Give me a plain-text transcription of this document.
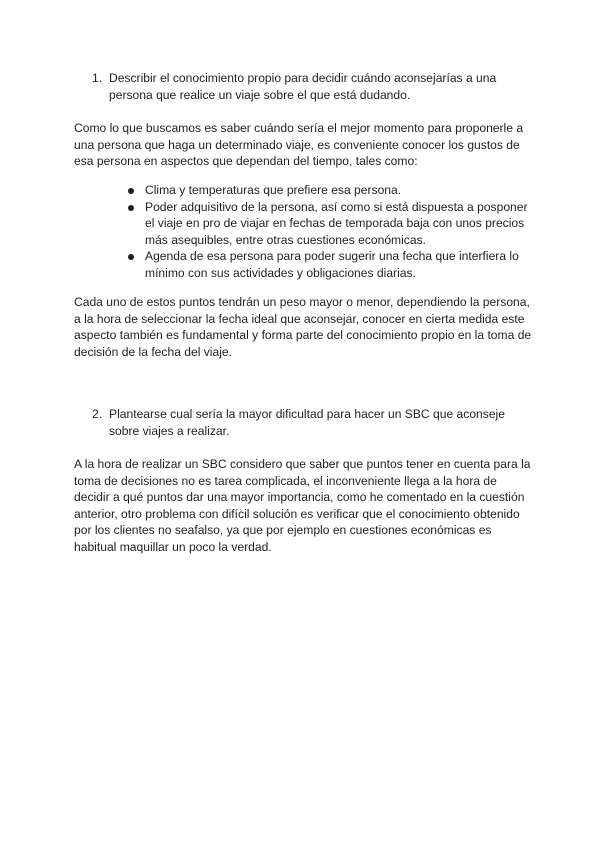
1. Describir el conocimiento propio para decidir cuándo aconsejarías a una persona que realice un viaje sobre el que está dudando.
Como lo que buscamos es saber cuándo sería el mejor momento para proponerle a una persona que haga un determinado viaje, es conveniente conocer los gustos de esa persona en aspectos que dependan del tiempo, tales como:
Clima y temperaturas que prefiere esa persona.
Poder adquisitivo de la persona, así como si está dispuesta a posponer el viaje en pro de viajar en fechas de temporada baja con unos precios más asequibles, entre otras cuestiones económicas.
Agenda de esa persona para poder sugerir una fecha que interfiera lo mínimo con sus actividades y obligaciones diarias.
Cada uno de estos puntos tendrán un peso mayor o menor, dependiendo la persona, a la hora de seleccionar la fecha ideal que aconsejar, conocer en cierta medida este aspecto también es fundamental y forma parte del conocimiento propio en la toma de decisión de la fecha del viaje.
2. Plantearse cual sería la mayor dificultad para hacer un SBC que aconseje sobre viajes a realizar.
A la hora de realizar un SBC considero que saber que puntos tener en cuenta para la toma de decisiones no es tarea complicada, el inconveniente llega a la hora de decidir a qué puntos dar una mayor importancia, como he comentado en la cuestión anterior, otro problema con difícil solución es verificar que el conocimiento obtenido por los clientes no seafalso, ya que por ejemplo en cuestiones económicas es habitual maquillar un poco la verdad.
